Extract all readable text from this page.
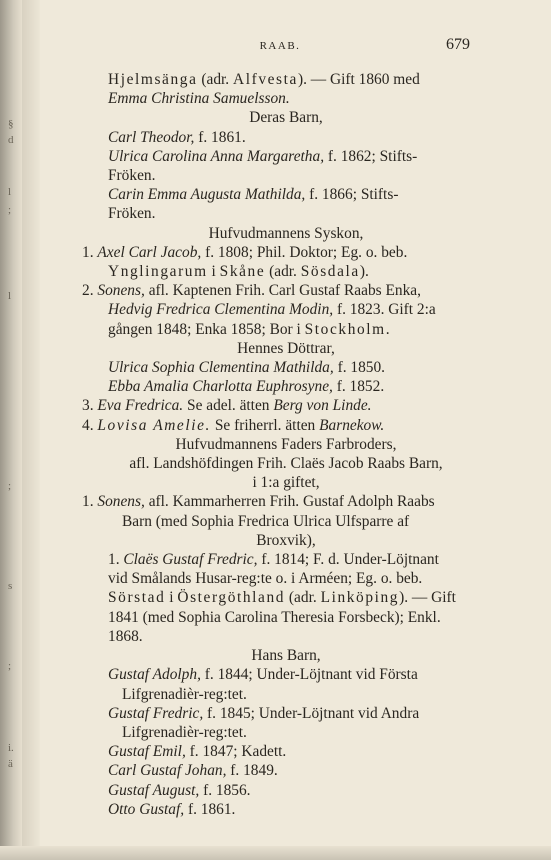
§
d
l
;
l
;
s
;
i.
ä
RAAB.	679
Hjelmsänga (adr. Alfvesta). — Gift 1860 med
Emma Christina Samuelsson.
Deras Barn,
Carl Theodor, f. 1861.
Ulrica Carolina Anna Margaretha, f. 1862; Stifts-
Fröken.
Carin Emma Augusta Mathilda, f. 1866; Stifts-
Fröken.
Hufvudmannens Syskon,
1. Axel Carl Jacob, f. 1808; Phil. Doktor; Eg. o. beb.
Ynglingarum i Skåne (adr. Sösdala).
2. Sonens, afl. Kaptenen Frih. Carl Gustaf Raabs Enka,
Hedvig Fredrica Clementina Modin, f. 1823. Gift 2:a
gången 1848; Enka 1858; Bor i Stockholm.
Hennes Döttrar,
Ulrica Sophia Clementina Mathilda, f. 1850.
Ebba Amalia Charlotta Euphrosyne, f. 1852.
3. Eva Fredrica. Se adel. ätten Berg von Linde.
4. Lovisa Amelie. Se friherrl. ätten Barnekow.
Hufvudmannens Faders Farbroders,
afl. Landshöfdingen Frih. Claës Jacob Raabs Barn,
i 1:a giftet,
1. Sonens, afl. Kammarherren Frih. Gustaf Adolph Raabs
Barn (med Sophia Fredrica Ulrica Ulfsparre af
Broxvik),
1. Claës Gustaf Fredric, f. 1814; F. d. Under-Löjtnant
vid Smålands Husar-reg:te o. i Arméen; Eg. o. beb.
Sörstad i Östergöthland (adr. Linköping). — Gift
1841 (med Sophia Carolina Theresia Forsbeck); Enkl.
1868.
Hans Barn,
Gustaf Adolph, f. 1844; Under-Löjtnant vid Första
Lifgrenadièr-reg:tet.
Gustaf Fredric, f. 1845; Under-Löjtnant vid Andra
Lifgrenadièr-reg:tet.
Gustaf Emil, f. 1847; Kadett.
Carl Gustaf Johan, f. 1849.
Gustaf August, f. 1856.
Otto Gustaf, f. 1861.
